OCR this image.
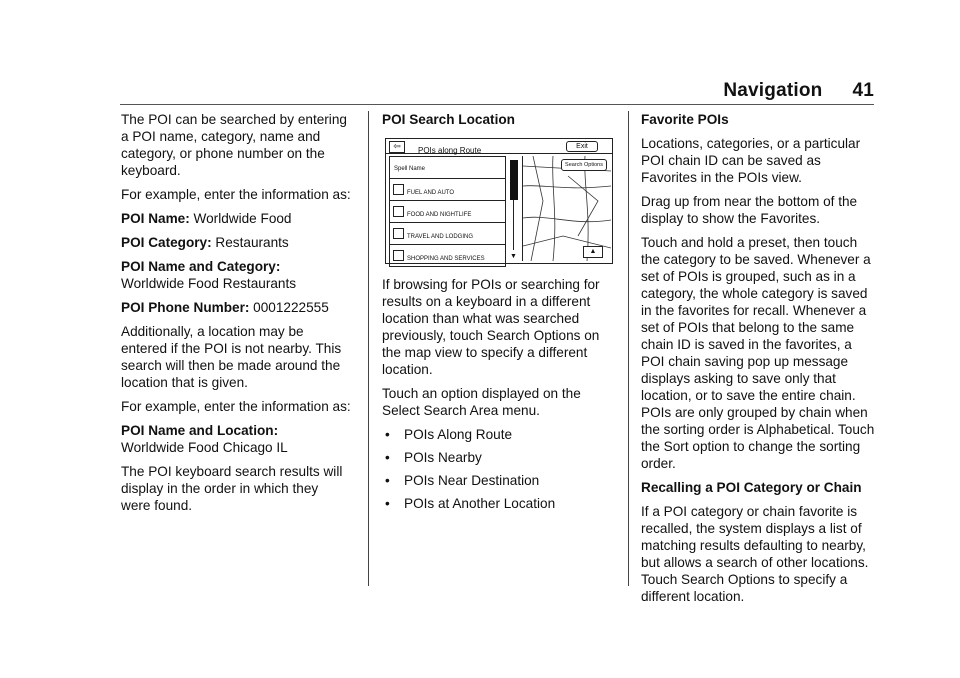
Navigation 41

The POI can be searched by entering a POI name, category, name and category, or phone number on the keyboard.

For example, enter the information as:

POI Name: Worldwide Food

POI Category: Restaurants

POI Name and Category:
Worldwide Food Restaurants

POI Phone Number: 0001222555

Additionally, a location may be entered if the POI is not nearby. This search will then be made around the location that is given.

For example, enter the information as:

POI Name and Location:
Worldwide Food Chicago IL

The POI keyboard search results will display in the order in which they were found.

POI Search Location
⇦	POIs along Route	Exit
Spell Name
FUEL AND AUTO
FOOD AND NIGHTLIFE
TRAVEL AND LODGING
SHOPPING AND SERVICES	▼
Search Options
▲

If browsing for POIs or searching for results on a keyboard in a different location than what was searched previously, touch Search Options on the map view to specify a different location.

Touch an option displayed on the Select Search Area menu.

• POIs Along Route
• POIs Nearby
• POIs Near Destination
• POIs at Another Location
Favorite POIs

Locations, categories, or a particular POI chain ID can be saved as Favorites in the POIs view.

Drag up from near the bottom of the display to show the Favorites.

Touch and hold a preset, then touch the category to be saved. Whenever a set of POIs is grouped, such as in a category, the whole category is saved in the favorites for recall. Whenever a set of POIs that belong to the same chain ID is saved in the favorites, a POI chain saving pop up message displays asking to save only that location, or to save the entire chain. POIs are only grouped by chain when the sorting order is Alphabetical. Touch the Sort option to change the sorting order.

Recalling a POI Category or Chain

If a POI category or chain favorite is recalled, the system displays a list of matching results defaulting to nearby, but allows a search of other locations. Touch Search Options to specify a different location.
